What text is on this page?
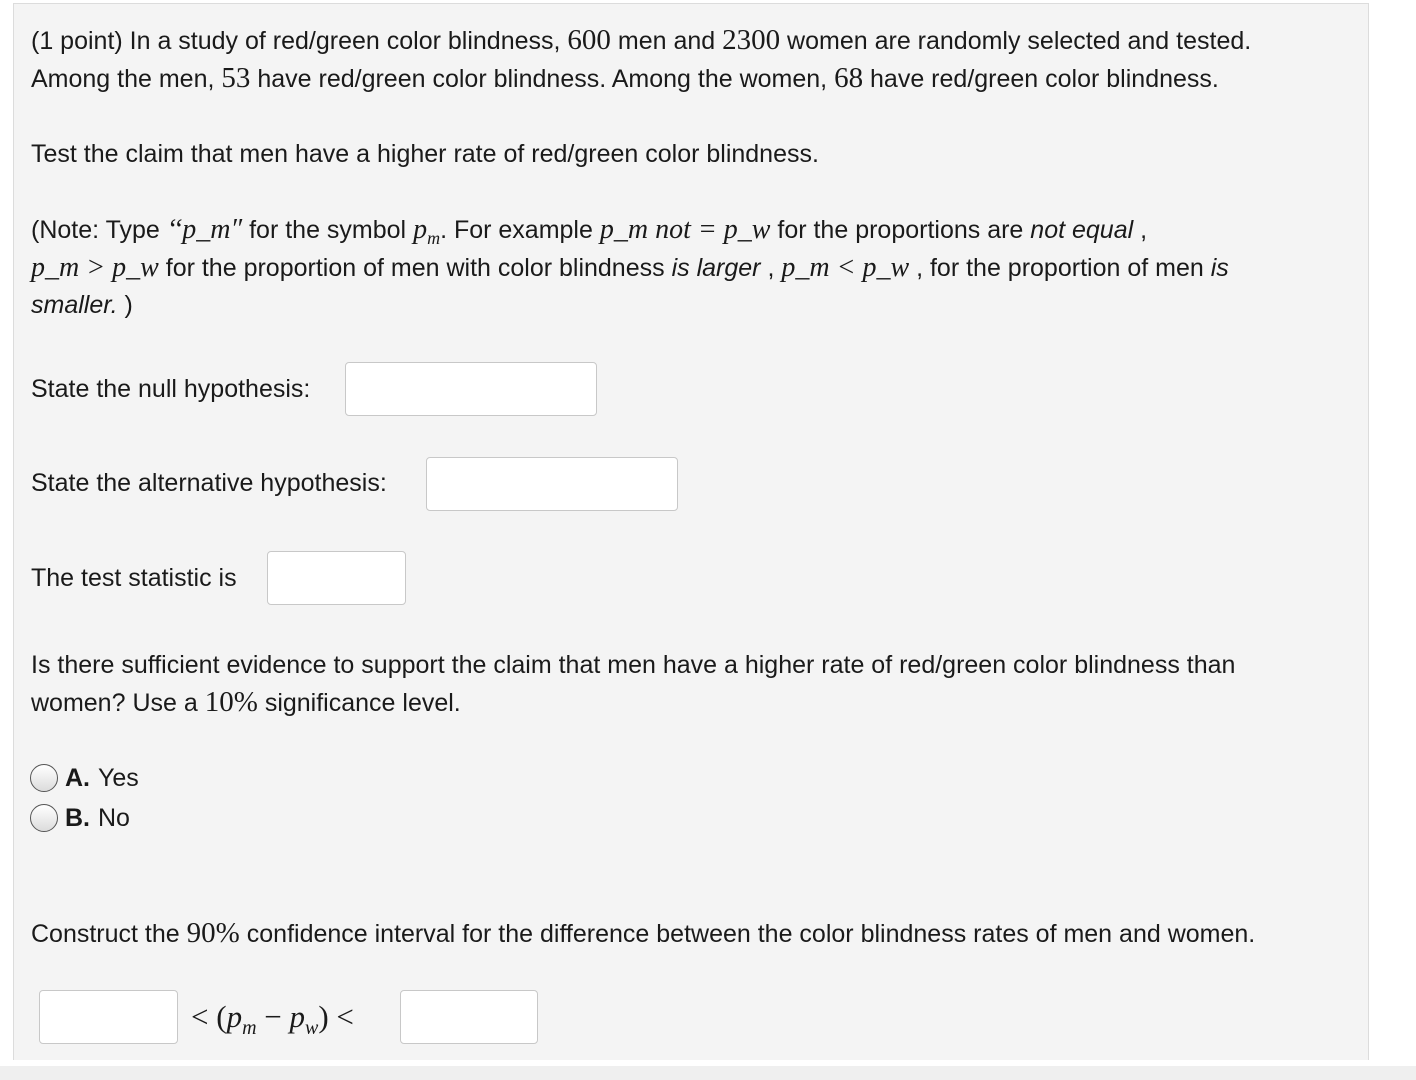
(1 point) In a study of red/green color blindness, 600 men and 2300 women are randomly selected and tested.

Among the men, 53 have red/green color blindness. Among the women, 68 have red/green color blindness.

Test the claim that men have a higher rate of red/green color blindness.

(Note: Type ‘‘p_m″ for the symbol $p_m$. For example p_m not = p_w for the proportions are not equal ,

p_m > p_w for the proportion of men with color blindness is larger , p_m < p_w , for the proportion of men is

smaller. )

State the null hypothesis:

State the alternative hypothesis:

The test statistic is

Is there sufficient evidence to support the claim that men have a higher rate of red/green color blindness than

women? Use a 10% significance level.

A. Yes
B. No

Construct the 90% confidence interval for the difference between the color blindness rates of men and women.

< $(p_m - p_w)$ <
